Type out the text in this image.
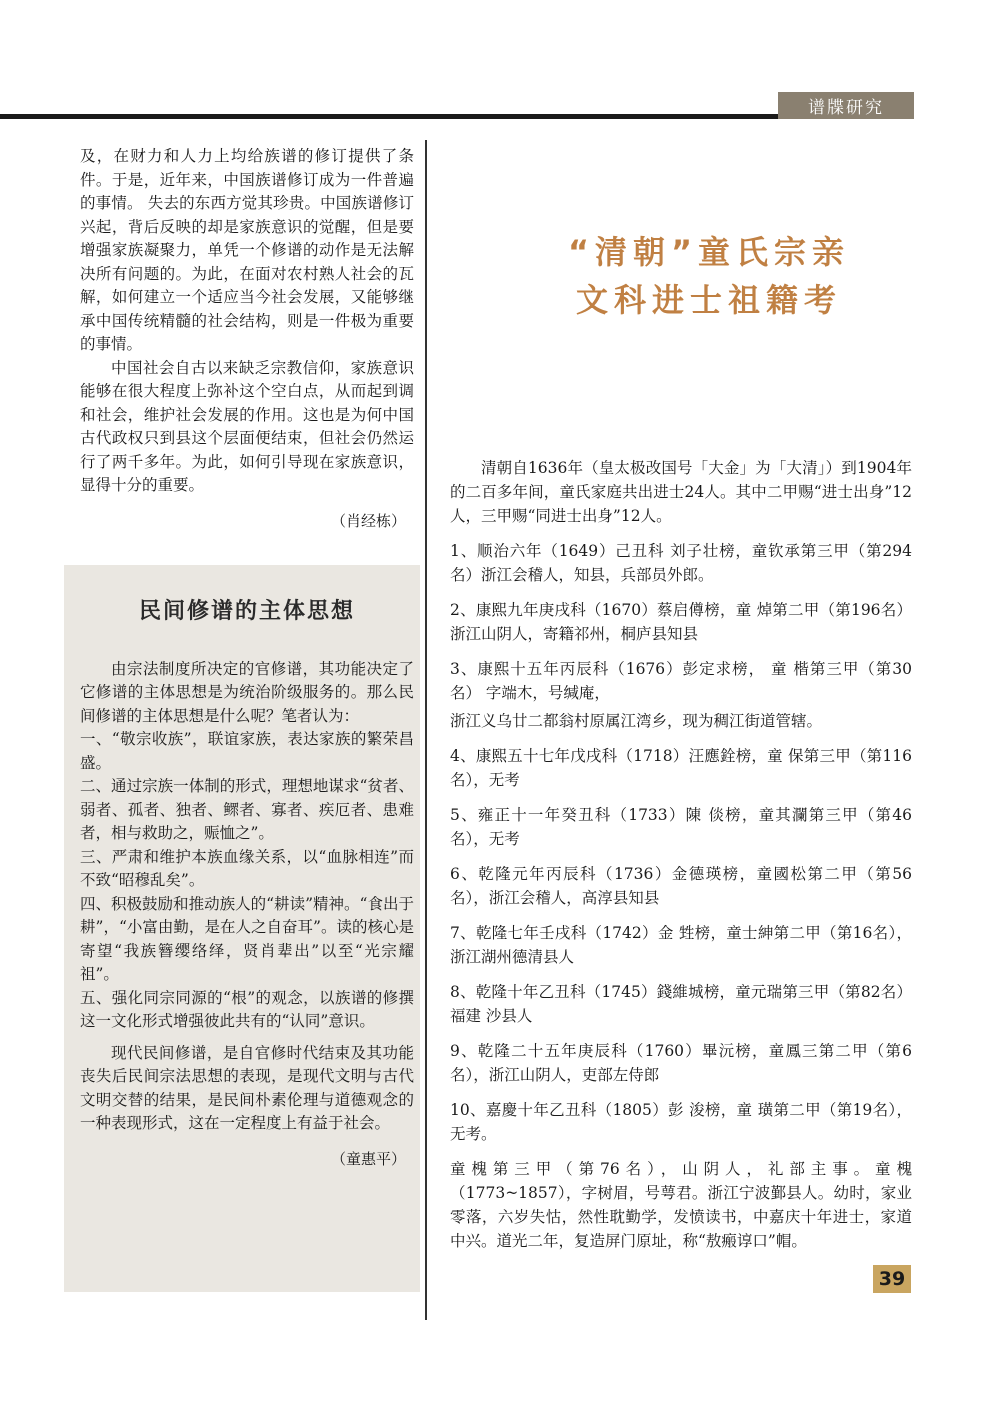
谱牒研究

及，在财力和人力上均给族谱的修订提供了条件。于是，近年来，中国族谱修订成为一件普遍的事情。 失去的东西方觉其珍贵。中国族谱修订兴起，背后反映的却是家族意识的觉醒，但是要增强家族凝聚力，单凭一个修谱的动作是无法解决所有问题的。为此，在面对农村熟人社会的瓦解，如何建立一个适应当今社会发展，又能够继承中国传统精髓的社会结构，则是一件极为重要的事情。

中国社会自古以来缺乏宗教信仰，家族意识能够在很大程度上弥补这个空白点，从而起到调和社会，维护社会发展的作用。这也是为何中国古代政权只到县这个层面便结束，但社会仍然运行了两千多年。为此，如何引导现在家族意识，显得十分的重要。

（肖经栋）
民间修谱的主体思想

由宗法制度所决定的官修谱，其功能决定了它修谱的主体思想是为统治阶级服务的。那么民间修谱的主体思想是什么呢？笔者认为：

一、“敬宗收族”，联谊家族，表达家族的繁荣昌盛。

二、通过宗族一体制的形式，理想地谋求“贫者、弱者、孤者、独者、鳏者、寡者、疾厄者、患难者，相与救助之，赈恤之”。

三、严肃和维护本族血缘关系，以“血脉相连”而不致“昭穆乱矣”。

四、积极鼓励和推动族人的“耕读”精神。“食出于耕”，“小富由勤，是在人之自奋耳”。读的核心是寄望“我族簪缨络绎，贤肖辈出”以至“光宗耀祖”。

五、强化同宗同源的“根”的观念，以族谱的修撰这一文化形式增强彼此共有的“认同”意识。

现代民间修谱，是自官修时代结束及其功能丧失后民间宗法思想的表现，是现代文明与古代文明交替的结果，是民间朴素伦理与道德观念的一种表现形式，这在一定程度上有益于社会。

（童惠平）
“清朝”童氏宗亲
文科进士祖籍考

清朝自1636年（皇太极改国号「大金」为「大清」）到1904年的二百多年间，童氏家庭共出进士24人。其中二甲赐“进士出身”12人，三甲赐“同进士出身”12人。

1、顺治六年（1649）己丑科 刘子壮榜，童钦承第三甲（第294名）浙江会稽人，知县，兵部员外郎。

2、康熙九年庚戌科（1670）蔡启僔榜，童 焯第二甲（第196名）浙江山阴人，寄籍祁州，桐庐县知县

3、康熙十五年丙辰科（1676）彭定求榜， 童 楷第三甲（第30名） 字端木，号缄庵，

浙江义乌廿二都翁村原属江湾乡，现为稠江街道管辖。

4、康熙五十七年戊戌科（1718）汪應銓榜，童 保第三甲（第116名），无考

5、雍正十一年癸丑科（1733）陳 倓榜，童其瀾第三甲（第46名），无考

6、乾隆元年丙辰科（1736）金德瑛榜，童國松第二甲（第56名），浙江会稽人，高淳县知县

7、乾隆七年壬戌科（1742）金 甡榜，童士紳第二甲（第16名），浙江湖州德清县人

8、乾隆十年乙丑科（1745）錢維城榜，童元瑞第三甲（第82名）福建 沙县人

9、乾隆二十五年庚辰科（1760）畢沅榜，童鳳三第二甲（第6名），浙江山阴人，吏部左侍郎

10、嘉慶十年乙丑科（1805）彭 浚榜，童 璜第二甲（第19名），无考。

童槐第三甲（第76名），山阴人，礼部主事。童槐（1773~1857），字树眉，号萼君。浙江宁波鄞县人。幼时，家业零落，六岁失怙，然性耽勤学，发愤读书，中嘉庆十年进士，家道中兴。道光二年，复造屏门原址，称“敖瘢谆口”帽。

39
